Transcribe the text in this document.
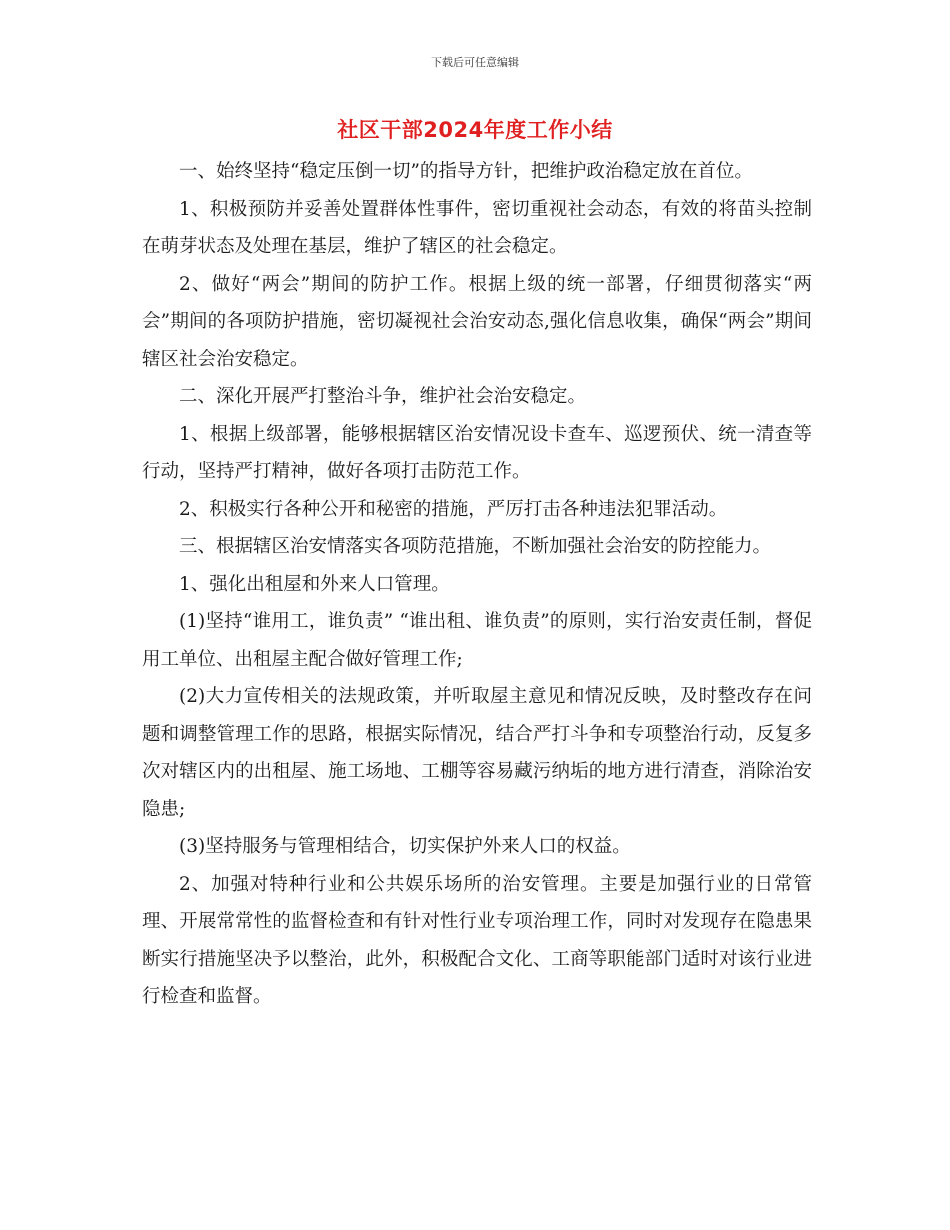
下载后可任意编辑
社区干部2024年度工作小结

一、始终坚持“稳定压倒一切”的指导方针，把维护政治稳定放在首位。

1、积极预防并妥善处置群体性事件，密切重视社会动态，有效的将苗头控制在萌芽状态及处理在基层，维护了辖区的社会稳定。

2、做好“两会”期间的防护工作。根据上级的统一部署，仔细贯彻落实“两会”期间的各项防护措施，密切凝视社会治安动态,强化信息收集，确保“两会”期间辖区社会治安稳定。

二、深化开展严打整治斗争，维护社会治安稳定。

1、根据上级部署，能够根据辖区治安情况设卡查车、巡逻预伏、统一清查等行动，坚持严打精神，做好各项打击防范工作。

2、积极实行各种公开和秘密的措施，严厉打击各种违法犯罪活动。

三、根据辖区治安情落实各项防范措施，不断加强社会治安的防控能力。

1、强化出租屋和外来人口管理。

(1)坚持“谁用工，谁负责” “谁出租、谁负责”的原则，实行治安责任制，督促用工单位、出租屋主配合做好管理工作;

(2)大力宣传相关的法规政策，并听取屋主意见和情况反映，及时整改存在问题和调整管理工作的思路，根据实际情况，结合严打斗争和专项整治行动，反复多次对辖区内的出租屋、施工场地、工棚等容易藏污纳垢的地方进行清查，消除治安隐患;

(3)坚持服务与管理相结合，切实保护外来人口的权益。

2、加强对特种行业和公共娱乐场所的治安管理。主要是加强行业的日常管理、开展常常性的监督检查和有针对性行业专项治理工作，同时对发现存在隐患果断实行措施坚决予以整治，此外，积极配合文化、工商等职能部门适时对该行业进行检查和监督。
